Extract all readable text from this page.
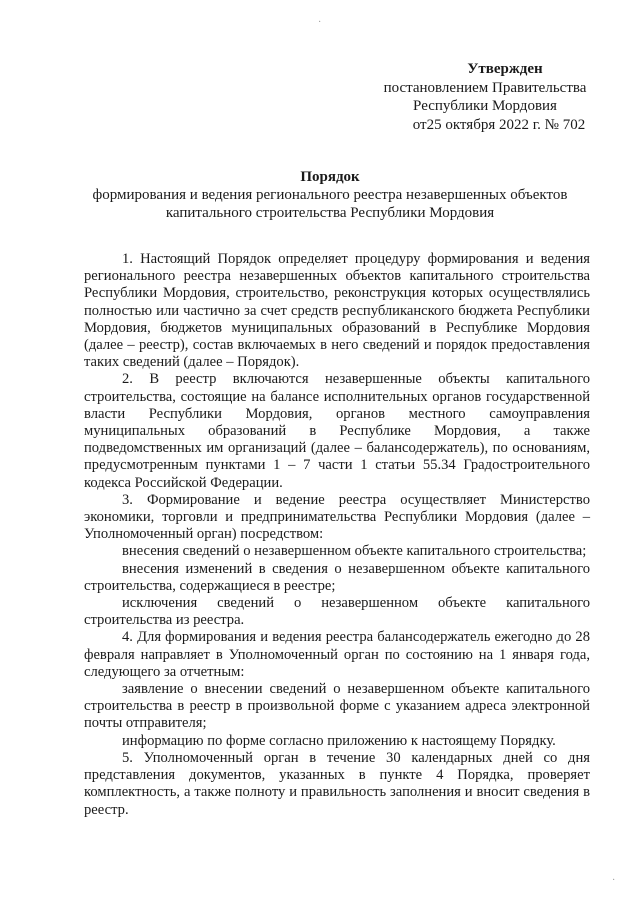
Утвержден
постановлением Правительства
Республики Мордовия
от25 октября 2022 г. № 702
Порядок
формирования и ведения регионального реестра незавершенных объектов
капитального строительства Республики Мордовия

1. Настоящий Порядок определяет процедуру формирования и ведения регионального реестра незавершенных объектов капитального строительства Республики Мордовия, строительство, реконструкция которых осуществлялись полностью или частично за счет средств республиканского бюджета Республики Мордовия, бюджетов муниципальных образований в Республике Мордовия (далее – реестр), состав включаемых в него сведений и порядок предоставления таких сведений (далее – Порядок).

2. В реестр включаются незавершенные объекты капитального строительства, состоящие на балансе исполнительных органов государственной власти Республики Мордовия, органов местного самоуправления муниципальных образований в Республике Мордовия, а также подведомственных им организаций (далее – балансодержатель), по основаниям, предусмотренным пунктами 1 – 7 части 1 статьи 55.34 Градостроительного кодекса Российской Федерации.

3. Формирование и ведение реестра осуществляет Министерство экономики, торговли и предпринимательства Республики Мордовия (далее – Уполномоченный орган) посредством:

внесения сведений о незавершенном объекте капитального строительства;

внесения изменений в сведения о незавершенном объекте капитального строительства, содержащиеся в реестре;

исключения сведений о незавершенном объекте капитального строительства из реестра.

4. Для формирования и ведения реестра балансодержатель ежегодно до 28 февраля направляет в Уполномоченный орган по состоянию на 1 января года, следующего за отчетным:

заявление о внесении сведений о незавершенном объекте капитального строительства в реестр в произвольной форме с указанием адреса электронной почты отправителя;

информацию по форме согласно приложению к настоящему Порядку.

5. Уполномоченный орган в течение 30 календарных дней со дня представления документов, указанных в пункте 4 Порядка, проверяет комплектность, а также полноту и правильность заполнения и вносит сведения в реестр.

·
·
